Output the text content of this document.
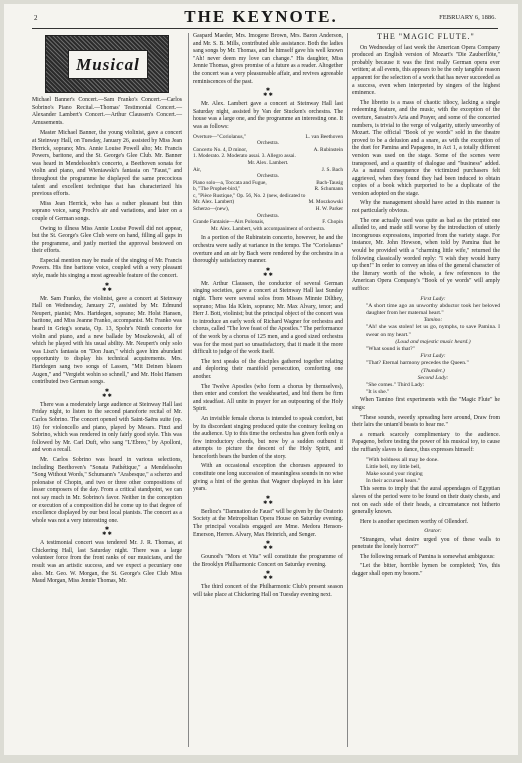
2	THE KEYNOTE.	FEBRUARY 6, 1886.
Musical
Michael Banner's Concert.—Sam Franko's Concert.—Carlos Sobrino's Piano Recital.—Thomas' Testimonial Concert.—Alexander Lambert's Concert.—Arthur Claussen's Concert.—Amusements.

Master Michael Banner, the young violinist, gave a concert at Steinway Hall, on Tuesday, January 26, assisted by Miss Jean Herrick, soprano; Mrs. Annie Louise Powell alto; Mr. Francis Powers, baritone, and the St. George's Glee Club. Mr. Banner was heard in Mendelssohn's concerto, a Beethoven sonata for violin and piano, and Wieniawski's fantasia on "Faust," and throughout the programme he displayed the same precocious talent and excellent technique that has characterized his previous efforts.

Miss Jean Herrick, who has a rather pleasant but thin soprano voice, sang Proch's air and variations, and later on a couple of German songs.

Owing to illness Miss Annie Louise Powell did not appear, but the St. George's Glee Club were on hand, filling all gaps in the programme, and justly merited the approval bestowed on their efforts.

Especial mention may be made of the singing of Mr. Francis Powers. His fine baritone voice, coupled with a very pleasant style, made his singing a most agreeable feature of the concert.

✱
✱ ✱

Mr. Sam Franko, the violinist, gave a concert at Steinway Hall on Wednesday, January 27, assisted by Mr. Edmund Neupert, pianist; Mrs. Hartdegen, soprano; Mr. Holst Hansen, baritone, and Miss Jeanne Franko, accompanist. Mr. Franko was heard in Grieg's sonata, Op. 13, Spohr's Ninth concerto for violin and piano, and a new ballade by Moszkowski, all of which he played with his usual ability. Mr. Neupert's only solo was Liszt's fantasia on "Don Juan," which gave him abundant opportunity to display his technical acquirements. Mrs. Hartdegen sang two songs of Lassen, "Mit Deinen blauen Augen," and "Vergiebt wohin so schnell," and Mr. Holst Hansen contributed two German songs.

✱
✱ ✱

There was a moderately large audience at Steinway Hall last Friday night, to listen to the second pianoforte recital of Mr. Carlos Sobrino. The concert opened with Saint-Saëns suite (op. 16) for violoncello and piano, played by Messrs. Finzi and Sobrino, which was rendered in only fairly good style. This was followed by Mr. Carl Duft, who sang "L'Ebreo," by Apolloni, and won a recall.

Mr. Carlos Sobrino was heard in various selections, including Beethoven's "Sonata Pathétique," a Mendelssohn "Song Without Words," Schumann's "Arabesque," a scherzo and polonaise of Chopin, and two or three other compositions of lesser composers of the day. From a critical standpoint, we can not say much in Mr. Sobrino's favor. Neither in the conception or execution of a composition did he come up to that degree of excellence displayed by our best local pianists. The concert as a whole was not a very interesting one.

✱
✱ ✱

A testimonial concert was tendered Mr. J. R. Thomas, at Chickering Hall, last Saturday night. There was a large volunteer force from the front ranks of our musicians, and the result was an artistic success, and we expect a pecuniary one also. Mr. Geo. W. Morgan, the St. George's Glee Club Miss Maud Morgan, Miss Jennie Thomas, Mr.

Gaspard Maeder, Mrs. Imogene Brown, Mrs. Baron Anderson, and Mr. S. B. Mills, contributed able assistance. Both the ladies sang songs by Mr. Thomas, and he himself gave his well known "Ah! never deem my love can change." His daughter, Miss Jennie Thomas, gives promise of a future as a reader. Altogether the concert was a very pleasureable affair, and revives agreeable reminiscences of the past.

✱
✱ ✱

Mr. Alex. Lambert gave a concert at Steinway Hall last Saturday night, assisted by Van der Stucken's orchestra. The house was a large one, and the programme an interesting one. It was as follows:

Overture—"Coriolanus,"	L. van Beethoven
Orchestra.
Concerto No. 4, D minor,	A. Rubinstein
1. Moderato. 2. Moderato assai. 3. Allegro assai.
Mr. Alex. Lambert.
Air,	J. S. Bach
Orchestra.
Piano solo—a, Toccata and Fugue,	Bach-Tausig
b, "The Prophet-bird,"	R. Schumann
c, "Pièce Rustique," Op. 56, No. 2 (new, dedicated to
Mr. Alex. Lambert)	M. Moszkowski
Scherzo—(new),	H. W. Parker
Orchestra.
Grande Fantaisie—Airs Polonais,	F. Chopin
Mr. Alex. Lambert, with accompaniment of orchestra.

In a portion of the Rubinstein concerto, however, he and the orchestra were sadly at variance in the tempo. The "Coriolanus" overture and an air by Bach were rendered by the orchestra in a thoroughly satisfactory manner.

✱
✱ ✱

Mr. Arthur Claussen, the conductor of several German singing societies, gave a concert at Steinway Hall last Sunday night. There were several solos from Misses Minnie Dilthey, soprano; Miss Ida Klein, soprano; Mr. Max Alvary, tenor; and Herr J. Bott, violinist; but the principal object of the concert was to introduce an early work of Richard Wagner for orchestra and chorus, called "The love feast of the Apostles." The performance of the work by a chorus of 125 men, and a good sized orchestra was for the most part so unsatisfactory, that it made it the more difficult to judge of the work itself.

The text speaks of the disciples gathered together relating and deploring their manifold persecution, comforting one another.

The Twelve Apostles (who form a chorus by themselves), then enter and comfort the weakhearted, and bid them be firm and steadfast. All unite in prayer for an outpouring of the Holy Spirit.

An invisible female chorus is intended to speak comfort, but by its discordant singing produced quite the contrary feeling on the audience. Up to this time the orchestra has given forth only a few introductory chords, but now by a sudden outburst it attempts to picture the descent of the Holy Spirit, and henceforth bears the burden of the story.

With an occasional exception the choruses appeared to constitute one long succession of meaningless sounds in no wise giving a hint of the genius that Wagner displayed in his later years.

✱
✱ ✱

Berlioz's "Damnation de Faust" will be given by the Oratorio Society at the Metropolitan Opera House on Saturday evening. The principal vocalists engaged are Mme. Medora Henson-Emerson, Herren. Alvary, Max Heinrich, and Senger.

✱
✱ ✱

Gounod's "Mors et Vita" will constitute the programme of the Brooklyn Philharmonic Concert on Saturday evening.

✱
✱ ✱

The third concert of the Philharmonic Club's present season will take place at Chickering Hall on Tuesday evening next.

THE "MAGIC FLUTE."

On Wednesday of last week the American Opera Company produced an English version of Mozart's "Die Zauberflöte," probably because it was the first really German opera ever written; at all events, this appears to be the only tangible reason apparent for the selection of a work that has never succeeded as a success, even when interpreted by singers of the highest eminence.

The libretto is a mass of chaotic idiocy, lacking a single redeeming feature, and the music, with the exception of the overture, Sarastro's Aria and Prayer, and some of the concerted numbers, is trivial to the verge of vulgarity, utterly unworthy of Mozart. The official "Book of ye words" sold in the theatre proved to be a delusion and a snare, as with the exception of the duet for Pamina and Papageno, in Act 1, a totally different version was used on the stage. Some of the scenes were transposed, and a quantity of dialogue and "business" added. As a natural consequence the victimized purchasers felt aggrieved, when they found they had been induced to obtain copies of a book which purported to be a duplicate of the version adopted on the stage.

Why the management should have acted in this manner is not particularly obvious.

The one actually used was quite as bad as the printed one alluded to, and made still worse by the introduction of utterly incongruous expressions, imported from the variety stage. For instance, Mr. John Howson, when told by Pamina that he would be provided with a "charming little wife," returned the following classically worded reply: "I wish they would hurry up then!" In order to convey an idea of the general character of the literary worth of the whole, a few references to the American Opera Company's "Book of ye words" will amply suffice:

First Lady:
"A short time ago an unworthy abductor took her beloved daughter from her maternal heart."
Tamino:
"Ah! she was stolen! let us go, nymphs, to save Pamina. I swear on my heart."
(Loud and majestic music heard.)
"What sound is that?"
First Lady:
"That? Eternal harmony precedes the Queen."
(Thunder.)
Second Lady:
"She comes." Third Lady:
"It is she."

When Tamino first experiments with the "Magic Flute" he sings:

"These sounds, sweetly spreading here around, Draw from their lairs the untam'd beasts to hear me."

a remark scarcely complimentary to the audience. Papageno, before testing the power of his musical toy, to cause the ruffianly slaves to dance, thus expresses himself:

"With boldness all may be done.
Little bell, my little bell,
Make sound your ringing
In their accursed hears."

This seems to imply that the aural appendages of Egyptian slaves of the period were to be found on their dusty chests, and not on each side of their heads, a circumstance not hitherto generally known.

Here is another specimen worthy of Ollendorf.

Orator:

"Strangers, what desire urged you of these walls to penetrate the lonely horror?"

The following remark of Pamina is somewhat ambiguous:

"Let the bitter, horrible hymen be completed; Yes, this dagger shall open my bosom."
